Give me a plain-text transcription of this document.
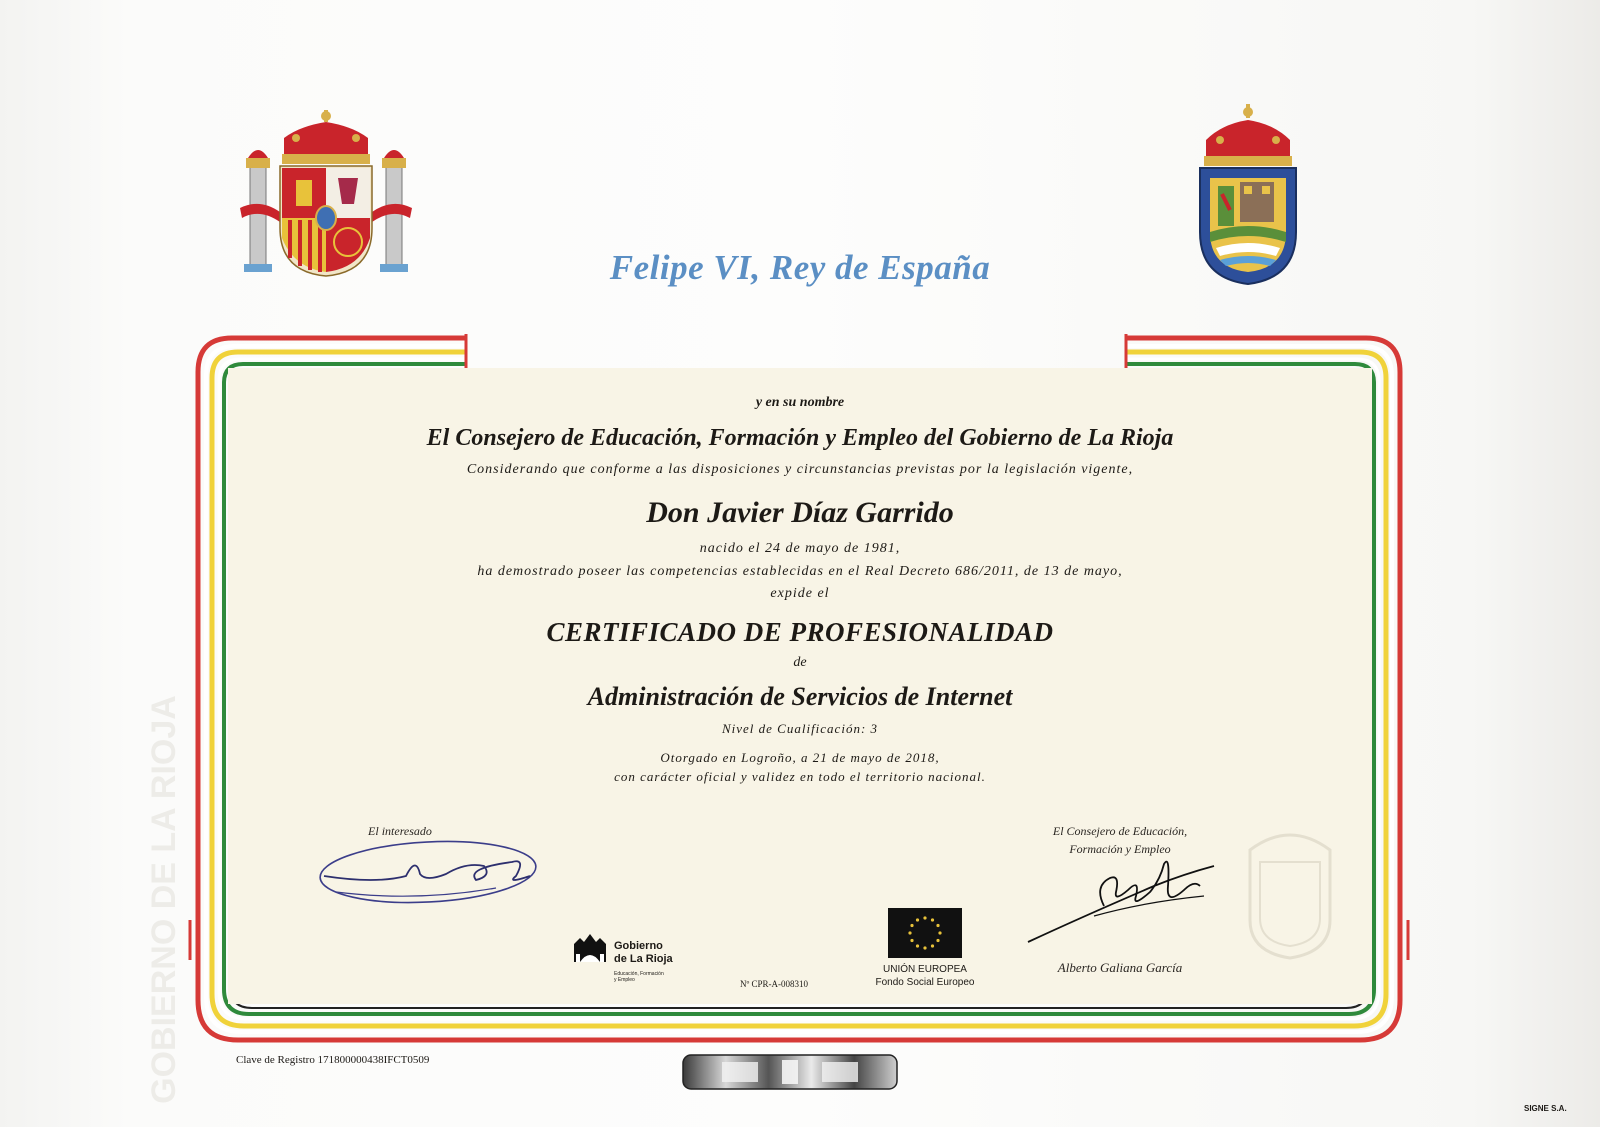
GOBIERNO DE LA RIOJA
Felipe VI, Rey de España
y en su nombre
El Consejero de Educación, Formación y Empleo del Gobierno de La Rioja
Considerando que conforme a las disposiciones y circunstancias previstas por la legislación vigente,
Don Javier Díaz Garrido
nacido el 24 de mayo de 1981,
ha demostrado poseer las competencias establecidas en el Real Decreto 686/2011, de 13 de mayo,
expide el
CERTIFICADO DE PROFESIONALIDAD
de
Administración de Servicios de Internet
Nivel de Cualificación: 3
Otorgado en Logroño, a 21 de mayo de 2018,
con carácter oficial y validez en todo el territorio nacional.
El interesado	El Consejero de Educación,
Formación y Empleo
Alberto Galiana García
Gobierno
de La Rioja
Educación, Formación
y Empleo
UNIÓN EUROPEA
Fondo Social Europeo
Nº CPR-A-008310
Clave de Registro 171800000438IFCT0509
SIGNE S.A.
